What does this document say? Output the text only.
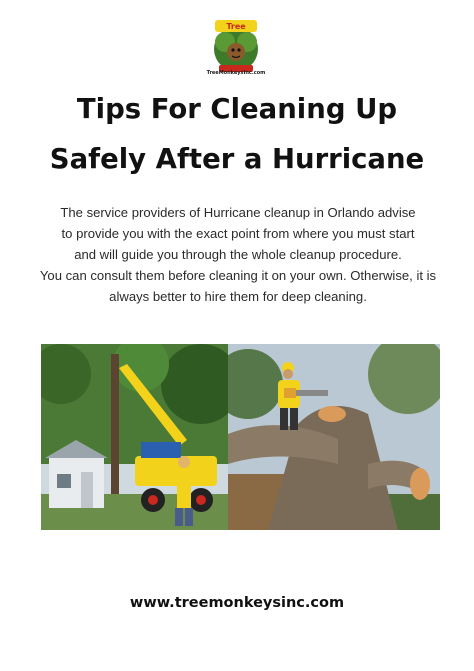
Tree
TreeMonkeysInc.com
Tips For Cleaning Up
Safely After a Hurricane
The service providers of Hurricane cleanup in Orlando advise
to provide you with the exact point from where you must start
and will guide you through the whole cleanup procedure.
You can consult them before cleaning it on your own. Otherwise, it is
always better to hire them for deep cleaning.
www.treemonkeysinc.com
